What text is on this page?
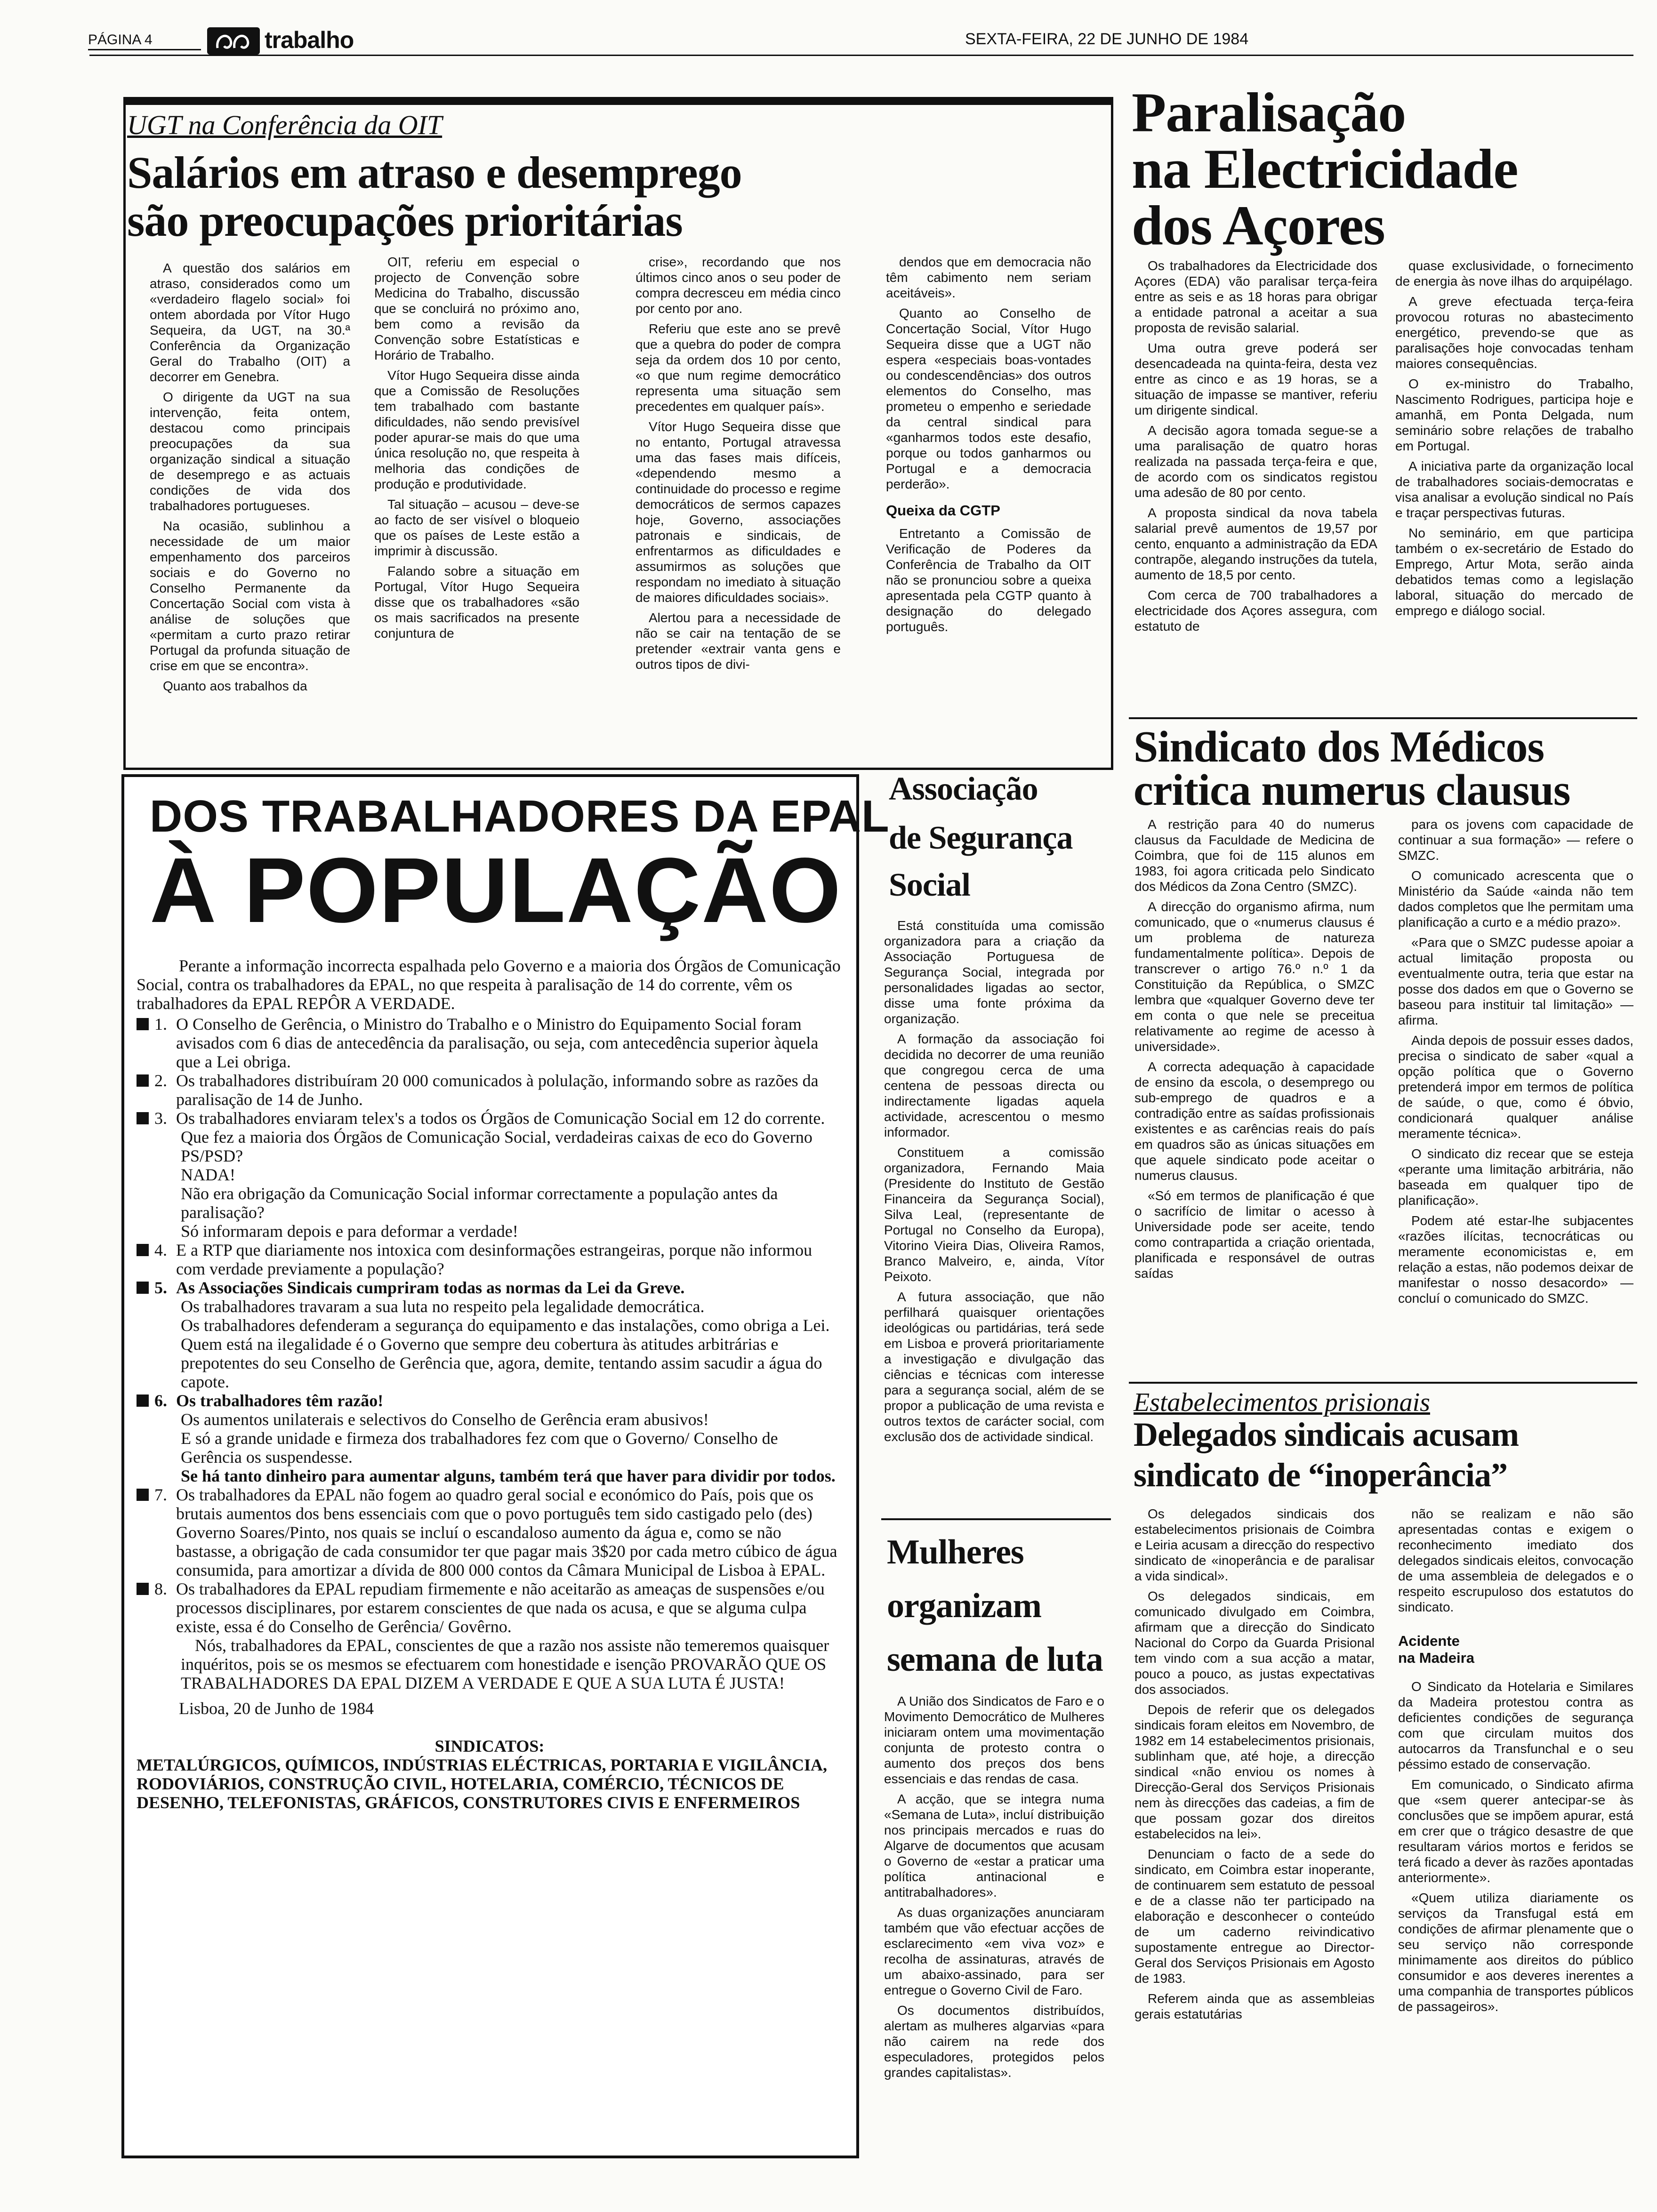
PÁGINA 4	trabalho	SEXTA-FEIRA, 22 DE JUNHO DE 1984
UGT na Conferência da OIT
Salários em atraso e desemprego
são preocupações prioritárias

A questão dos salários em atraso, considerados como um «verdadeiro flagelo social» foi ontem abordada por Vítor Hugo Sequeira, da UGT, na 30.ª Conferência da Organização Geral do Trabalho (OIT) a decorrer em Genebra.

O dirigente da UGT na sua intervenção, feita ontem, destacou como principais preocupações da sua organização sindical a situação de desemprego e as actuais condições de vida dos trabalhadores portugueses.

Na ocasião, sublinhou a necessidade de um maior empenhamento dos parceiros sociais e do Governo no Conselho Permanente da Concertação Social com vista à análise de soluções que «permitam a curto prazo retirar Portugal da profunda situação de crise em que se encontra».

Quanto aos trabalhos da

OIT, referiu em especial o projecto de Convenção sobre Medicina do Trabalho, discussão que se concluirá no próximo ano, bem como a revisão da Convenção sobre Estatísticas e Horário de Trabalho.

Vítor Hugo Sequeira disse ainda que a Comissão de Resoluções tem trabalhado com bastante dificuldades, não sendo previsível poder apurar-se mais do que uma única resolução no, que respeita à melhoria das condições de produção e produtividade.

Tal situação – acusou – deve-se ao facto de ser visível o bloqueio que os países de Leste estão a imprimir à discussão.

Falando sobre a situação em Portugal, Vítor Hugo Sequeira disse que os trabalhadores «são os mais sacrificados na presente conjuntura de

crise», recordando que nos últimos cinco anos o seu poder de compra decresceu em média cinco por cento por ano.

Referiu que este ano se prevê que a quebra do poder de compra seja da ordem dos 10 por cento, «o que num regime democrático representa uma situação sem precedentes em qualquer país».

Vítor Hugo Sequeira disse que no entanto, Portugal atravessa uma das fases mais difíceis, «dependendo mesmo a continuidade do processo e regime democráticos de sermos capazes hoje, Governo, associações patronais e sindicais, de enfrentarmos as dificuldades e assumirmos as soluções que respondam no imediato à situação de maiores dificuldades sociais».

Alertou para a necessidade de não se cair na tentação de se pretender «extrair vanta gens e outros tipos de divi-

dendos que em democracia não têm cabimento nem seriam aceitáveis».

Quanto ao Conselho de Concertação Social, Vítor Hugo Sequeira disse que a UGT não espera «especiais boas-vontades ou condescendências» dos outros elementos do Conselho, mas prometeu o empenho e seriedade da central sindical para «ganharmos todos este desafio, porque ou todos ganharmos ou Portugal e a democracia perderão».

Queixa da CGTP

Entretanto a Comissão de Verificação de Poderes da Conferência de Trabalho da OIT não se pronunciou sobre a queixa apresentada pela CGTP quanto à designação do delegado português.

Paralisação
na Electricidade
dos Açores

Os trabalhadores da Electricidade dos Açores (EDA) vão paralisar terça-feira entre as seis e as 18 horas para obrigar a entidade patronal a aceitar a sua proposta de revisão salarial.

Uma outra greve poderá ser desencadeada na quinta-feira, desta vez entre as cinco e as 19 horas, se a situação de impasse se mantiver, referiu um dirigente sindical.

A decisão agora tomada segue-se a uma paralisação de quatro horas realizada na passada terça-feira e que, de acordo com os sindicatos registou uma adesão de 80 por cento.

A proposta sindical da nova tabela salarial prevê aumentos de 19,57 por cento, enquanto a administração da EDA contrapõe, alegando instruções da tutela, aumento de 18,5 por cento.

Com cerca de 700 trabalhadores a electricidade dos Açores assegura, com estatuto de

quase exclusividade, o fornecimento de energia às nove ilhas do arquipélago.

A greve efectuada terça-feira provocou roturas no abastecimento energético, prevendo-se que as paralisações hoje convocadas tenham maiores consequências.

O ex-ministro do Trabalho, Nascimento Rodrigues, participa hoje e amanhã, em Ponta Delgada, num seminário sobre relações de trabalho em Portugal.

A iniciativa parte da organização local de trabalhadores sociais-democratas e visa analisar a evolução sindical no País e traçar perspectivas futuras.

No seminário, em que participa também o ex-secretário de Estado do Emprego, Artur Mota, serão ainda debatidos temas como a legislação laboral, situação do mercado de emprego e diálogo social.

DOS TRABALHADORES DA EPAL
À POPULAÇÃO
Perante a informação incorrecta espalhada pelo Governo e a maioria dos Órgãos de Comunicação Social, contra os trabalhadores da EPAL, no que respeita à paralisação de 14 do corrente, vêm os trabalhadores da EPAL REPÔR A VERDADE.
1. O Conselho de Gerência, o Ministro do Trabalho e o Ministro do Equipamento Social foram avisados com 6 dias de antecedência da paralisação, ou seja, com antecedência superior àquela que a Lei obriga.
2. Os trabalhadores distribuíram 20 000 comunicados à polulação, informando sobre as razões da paralisação de 14 de Junho.
3. Os trabalhadores enviaram telex's a todos os Órgãos de Comunicação Social em 12 do corrente.
Que fez a maioria dos Órgãos de Comunicação Social, verdadeiras caixas de eco do Governo PS/PSD?
NADA!
Não era obrigação da Comunicação Social informar correctamente a população antes da paralisação?
Só informaram depois e para deformar a verdade!
4. E a RTP que diariamente nos intoxica com desinformações estrangeiras, porque não informou com verdade previamente a população?
5. As Associações Sindicais cumpriram todas as normas da Lei da Greve.
Os trabalhadores travaram a sua luta no respeito pela legalidade democrática.
Os trabalhadores defenderam a segurança do equipamento e das instalações, como obriga a Lei.
Quem está na ilegalidade é o Governo que sempre deu cobertura às atitudes arbitrárias e prepotentes do seu Conselho de Gerência que, agora, demite, tentando assim sacudir a água do capote.
6. Os trabalhadores têm razão!
Os aumentos unilaterais e selectivos do Conselho de Gerência eram abusivos!
E só a grande unidade e firmeza dos trabalhadores fez com que o Governo/ Conselho de Gerência os suspendesse.
Se há tanto dinheiro para aumentar alguns, também terá que haver para dividir por todos.
7. Os trabalhadores da EPAL não fogem ao quadro geral social e económico do País, pois que os brutais aumentos dos bens essenciais com que o povo português tem sido castigado pelo (des) Governo Soares/Pinto, nos quais se incluí o escandaloso aumento da água e, como se não bastasse, a obrigação de cada consumidor ter que pagar mais 3$20 por cada metro cúbico de água consumida, para amortizar a dívida de 800 000 contos da Câmara Municipal de Lisboa à EPAL.
8. Os trabalhadores da EPAL repudiam firmemente e não aceitarão as ameaças de suspensões e/ou processos disciplinares, por estarem conscientes de que nada os acusa, e que se alguma culpa existe, essa é do Conselho de Gerência/ Govêrno.
Nós, trabalhadores da EPAL, conscientes de que a razão nos assiste não temeremos quaisquer inquéritos, pois se os mesmos se efectuarem com honestidade e isenção PROVARÃO QUE OS TRABALHADORES DA EPAL DIZEM A VERDADE E QUE A SUA LUTA É JUSTA!
Lisboa, 20 de Junho de 1984
SINDICATOS:
METALÚRGICOS, QUÍMICOS, INDÚSTRIAS ELÉCTRICAS, PORTARIA E VIGILÂNCIA, RODOVIÁRIOS, CONSTRUÇÃO CIVIL, HOTELARIA, COMÉRCIO, TÉCNICOS DE DESENHO, TELEFONISTAS, GRÁFICOS, CONSTRUTORES CIVIS E ENFERMEIROS
Associação
de Segurança
Social

Está constituída uma comissão organizadora para a criação da Associação Portuguesa de Segurança Social, integrada por personalidades ligadas ao sector, disse uma fonte próxima da organização.

A formação da associação foi decidida no decorrer de uma reunião que congregou cerca de uma centena de pessoas directa ou indirectamente ligadas aquela actividade, acrescentou o mesmo informador.

Constituem a comissão organizadora, Fernando Maia (Presidente do Instituto de Gestão Financeira da Segurança Social), Silva Leal, (representante de Portugal no Conselho da Europa), Vitorino Vieira Dias, Oliveira Ramos, Branco Malveiro, e, ainda, Vítor Peixoto.

A futura associação, que não perfilhará quaisquer orientações ideológicas ou partidárias, terá sede em Lisboa e proverá prioritariamente a investigação e divulgação das ciências e técnicas com interesse para a segurança social, além de se propor a publicação de uma revista e outros textos de carácter social, com exclusão dos de actividade sindical.

Mulheres
organizam
semana de luta

A União dos Sindicatos de Faro e o Movimento Democrático de Mulheres iniciaram ontem uma movimentação conjunta de protesto contra o aumento dos preços dos bens essenciais e das rendas de casa.

A acção, que se integra numa «Semana de Luta», incluí distribuição nos principais mercados e ruas do Algarve de documentos que acusam o Governo de «estar a praticar uma política antinacional e antitrabalhadores».

As duas organizações anunciaram também que vão efectuar acções de esclarecimento «em viva voz» e recolha de assinaturas, através de um abaixo-assinado, para ser entregue o Governo Civil de Faro.

Os documentos distribuídos, alertam as mulheres algarvias «para não cairem na rede dos especuladores, protegidos pelos grandes capitalistas».

Sindicato dos Médicos
critica numerus clausus

A restrição para 40 do numerus clausus da Faculdade de Medicina de Coimbra, que foi de 115 alunos em 1983, foi agora criticada pelo Sindicato dos Médicos da Zona Centro (SMZC).

A direcção do organismo afirma, num comunicado, que o «numerus clausus é um problema de natureza fundamentalmente política». Depois de transcrever o artigo 76.º n.º 1 da Constituição da República, o SMZC lembra que «qualquer Governo deve ter em conta o que nele se preceitua relativamente ao regime de acesso à universidade».

A correcta adequação à capacidade de ensino da escola, o desemprego ou sub-emprego de quadros e a contradição entre as saídas profissionais existentes e as carências reais do país em quadros são as únicas situações em que aquele sindicato pode aceitar o numerus clausus.

«Só em termos de planificação é que o sacrifício de limitar o acesso à Universidade pode ser aceite, tendo como contrapartida a criação orientada, planificada e responsável de outras saídas

para os jovens com capacidade de continuar a sua formação» — refere o SMZC.

O comunicado acrescenta que o Ministério da Saúde «ainda não tem dados completos que lhe permitam uma planificação a curto e a médio prazo».

«Para que o SMZC pudesse apoiar a actual limitação proposta ou eventualmente outra, teria que estar na posse dos dados em que o Governo se baseou para instituir tal limitação» — afirma.

Ainda depois de possuir esses dados, precisa o sindicato de saber «qual a opção política que o Governo pretenderá impor em termos de política de saúde, o que, como é óbvio, condicionará qualquer análise meramente técnica».

O sindicato diz recear que se esteja «perante uma limitação arbitrária, não baseada em qualquer tipo de planificação».

Podem até estar-lhe subjacentes «razões ilícitas, tecnocráticas ou meramente economicistas e, em relação a estas, não podemos deixar de manifestar o nosso desacordo» — concluí o comunicado do SMZC.

Estabelecimentos prisionais
Delegados sindicais acusam
sindicato de “inoperância”

Os delegados sindicais dos estabelecimentos prisionais de Coimbra e Leiria acusam a direcção do respectivo sindicato de «inoperância e de paralisar a vida sindical».

Os delegados sindicais, em comunicado divulgado em Coimbra, afirmam que a direcção do Sindicato Nacional do Corpo da Guarda Prisional tem vindo com a sua acção a matar, pouco a pouco, as justas expectativas dos associados.

Depois de referir que os delegados sindicais foram eleitos em Novembro, de 1982 em 14 estabelecimentos prisionais, sublinham que, até hoje, a direcção sindical «não enviou os nomes à Direcção-Geral dos Serviços Prisionais nem às direcções das cadeias, a fim de que possam gozar dos direitos estabelecidos na lei».

Denunciam o facto de a sede do sindicato, em Coimbra estar inoperante, de continuarem sem estatuto de pessoal e de a classe não ter participado na elaboração e desconhecer o conteúdo de um caderno reivindicativo supostamente entregue ao Director-Geral dos Serviços Prisionais em Agosto de 1983.

Referem ainda que as assembleias gerais estatutárias

não se realizam e não são apresentadas contas e exigem o reconhecimento imediato dos delegados sindicais eleitos, convocação de uma assembleia de delegados e o respeito escrupuloso dos estatutos do sindicato.

Acidente
na Madeira

O Sindicato da Hotelaria e Similares da Madeira protestou contra as deficientes condições de segurança com que circulam muitos dos autocarros da Transfunchal e o seu péssimo estado de conservação.

Em comunicado, o Sindicato afirma que «sem querer antecipar-se às conclusões que se impõem apurar, está em crer que o trágico desastre de que resultaram vários mortos e feridos se terá ficado a dever às razões apontadas anteriormente».

«Quem utiliza diariamente os serviços da Transfugal está em condições de afirmar plenamente que o seu serviço não corresponde minimamente aos direitos do público consumidor e aos deveres inerentes a uma companhia de transportes públicos de passageiros».
